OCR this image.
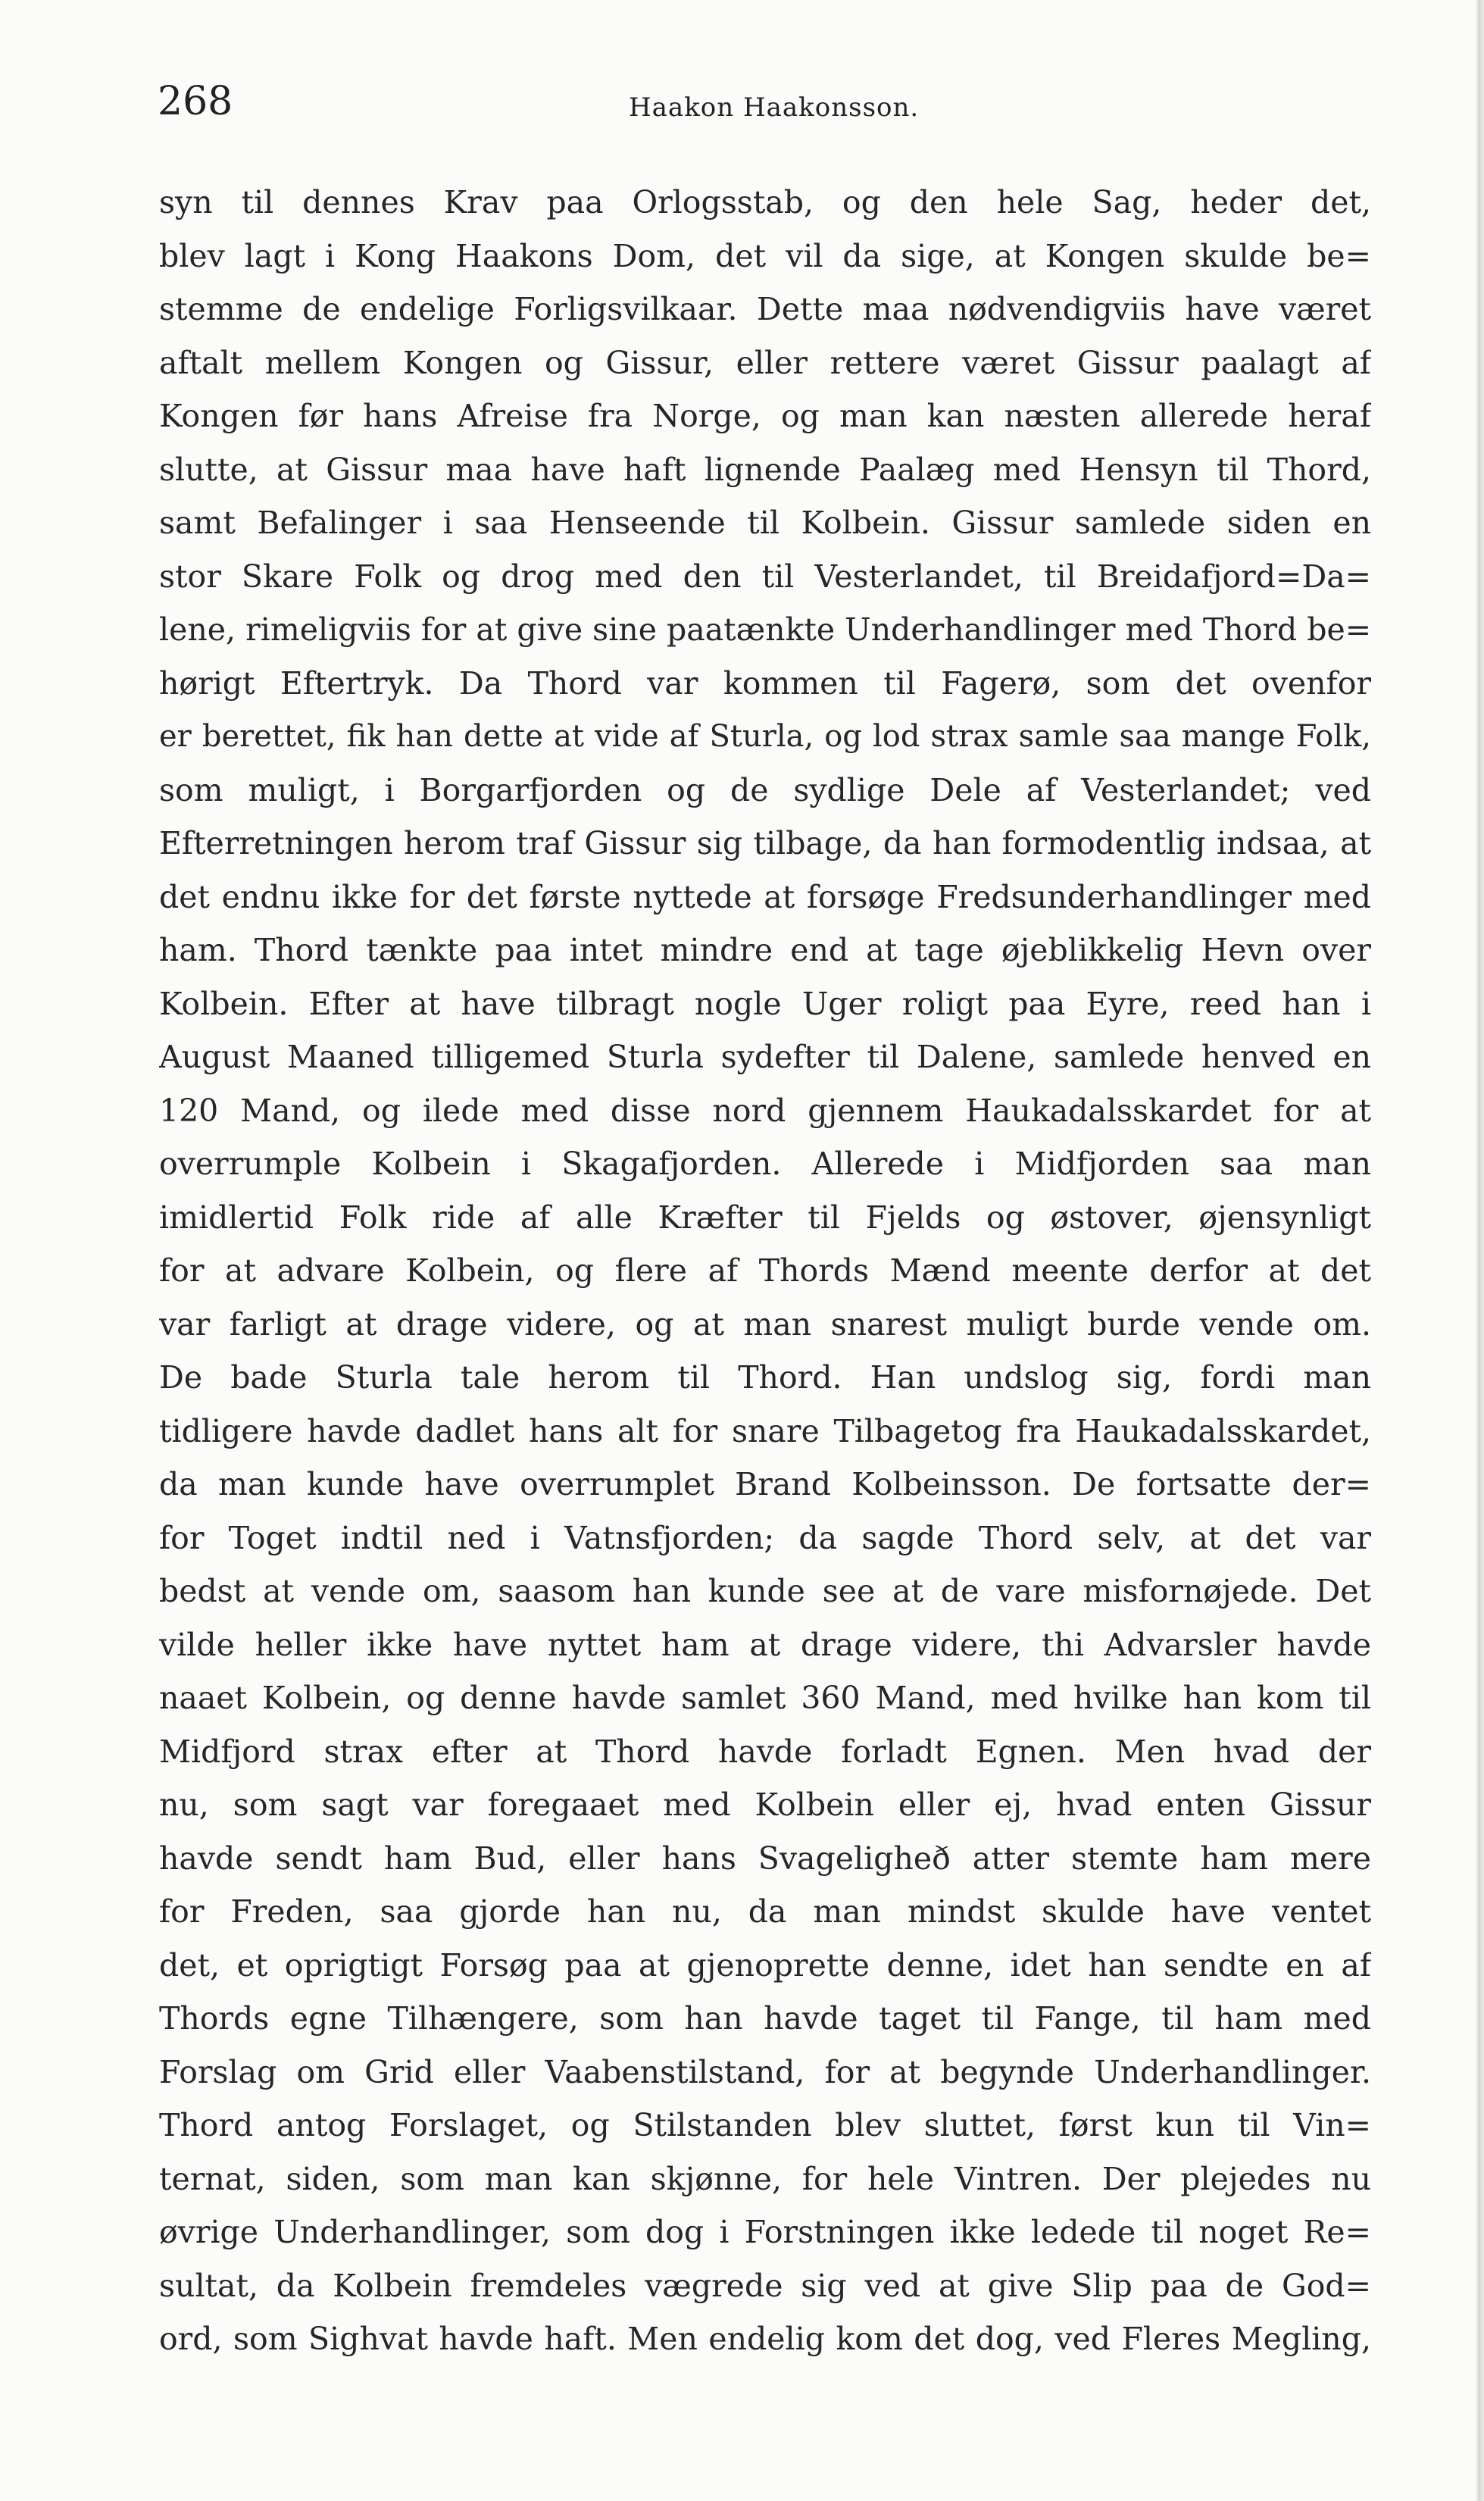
268	Haakon Haakonsson.
syn til dennes Krav paa Orlogsstab, og den hele Sag, heder det,
blev lagt i Kong Haakons Dom, det vil da sige, at Kongen skulde be=
stemme de endelige Forligsvilkaar. Dette maa nødvendigviis have været
aftalt mellem Kongen og Gissur, eller rettere været Gissur paalagt af
Kongen før hans Afreise fra Norge, og man kan næsten allerede heraf
slutte, at Gissur maa have haft lignende Paalæg med Hensyn til Thord,
samt Befalinger i saa Henseende til Kolbein. Gissur samlede siden en
stor Skare Folk og drog med den til Vesterlandet, til Breidafjord=Da=
lene, rimeligviis for at give sine paatænkte Underhandlinger med Thord be=
hørigt Eftertryk. Da Thord var kommen til Fagerø, som det ovenfor
er berettet, fik han dette at vide af Sturla, og lod strax samle saa mange Folk,
som muligt, i Borgarfjorden og de sydlige Dele af Vesterlandet; ved
Efterretningen herom traf Gissur sig tilbage, da han formodentlig indsaa, at
det endnu ikke for det første nyttede at forsøge Fredsunderhandlinger med
ham. Thord tænkte paa intet mindre end at tage øjeblikkelig Hevn over
Kolbein. Efter at have tilbragt nogle Uger roligt paa Eyre, reed han i
August Maaned tilligemed Sturla sydefter til Dalene, samlede henved en
120 Mand, og ilede med disse nord gjennem Haukadalsskardet for at
overrumple Kolbein i Skagafjorden. Allerede i Midfjorden saa man
imidlertid Folk ride af alle Kræfter til Fjelds og østover, øjensynligt
for at advare Kolbein, og flere af Thords Mænd meente derfor at det
var farligt at drage videre, og at man snarest muligt burde vende om.
De bade Sturla tale herom til Thord. Han undslog sig, fordi man
tidligere havde dadlet hans alt for snare Tilbagetog fra Haukadalsskardet,
da man kunde have overrumplet Brand Kolbeinsson. De fortsatte der=
for Toget indtil ned i Vatnsfjorden; da sagde Thord selv, at det var
bedst at vende om, saasom han kunde see at de vare misfornøjede. Det
vilde heller ikke have nyttet ham at drage videre, thi Advarsler havde
naaet Kolbein, og denne havde samlet 360 Mand, med hvilke han kom til
Midfjord strax efter at Thord havde forladt Egnen. Men hvad der
nu, som sagt var foregaaet med Kolbein eller ej, hvad enten Gissur
havde sendt ham Bud, eller hans Svageligheð atter stemte ham mere
for Freden, saa gjorde han nu, da man mindst skulde have ventet
det, et oprigtigt Forsøg paa at gjenoprette denne, idet han sendte en af
Thords egne Tilhængere, som han havde taget til Fange, til ham med
Forslag om Grid eller Vaabenstilstand, for at begynde Underhandlinger.
Thord antog Forslaget, og Stilstanden blev sluttet, først kun til Vin=
ternat, siden, som man kan skjønne, for hele Vintren. Der plejedes nu
øvrige Underhandlinger, som dog i Forstningen ikke ledede til noget Re=
sultat, da Kolbein fremdeles vægrede sig ved at give Slip paa de God=
ord, som Sighvat havde haft. Men endelig kom det dog, ved Fleres Megling,
